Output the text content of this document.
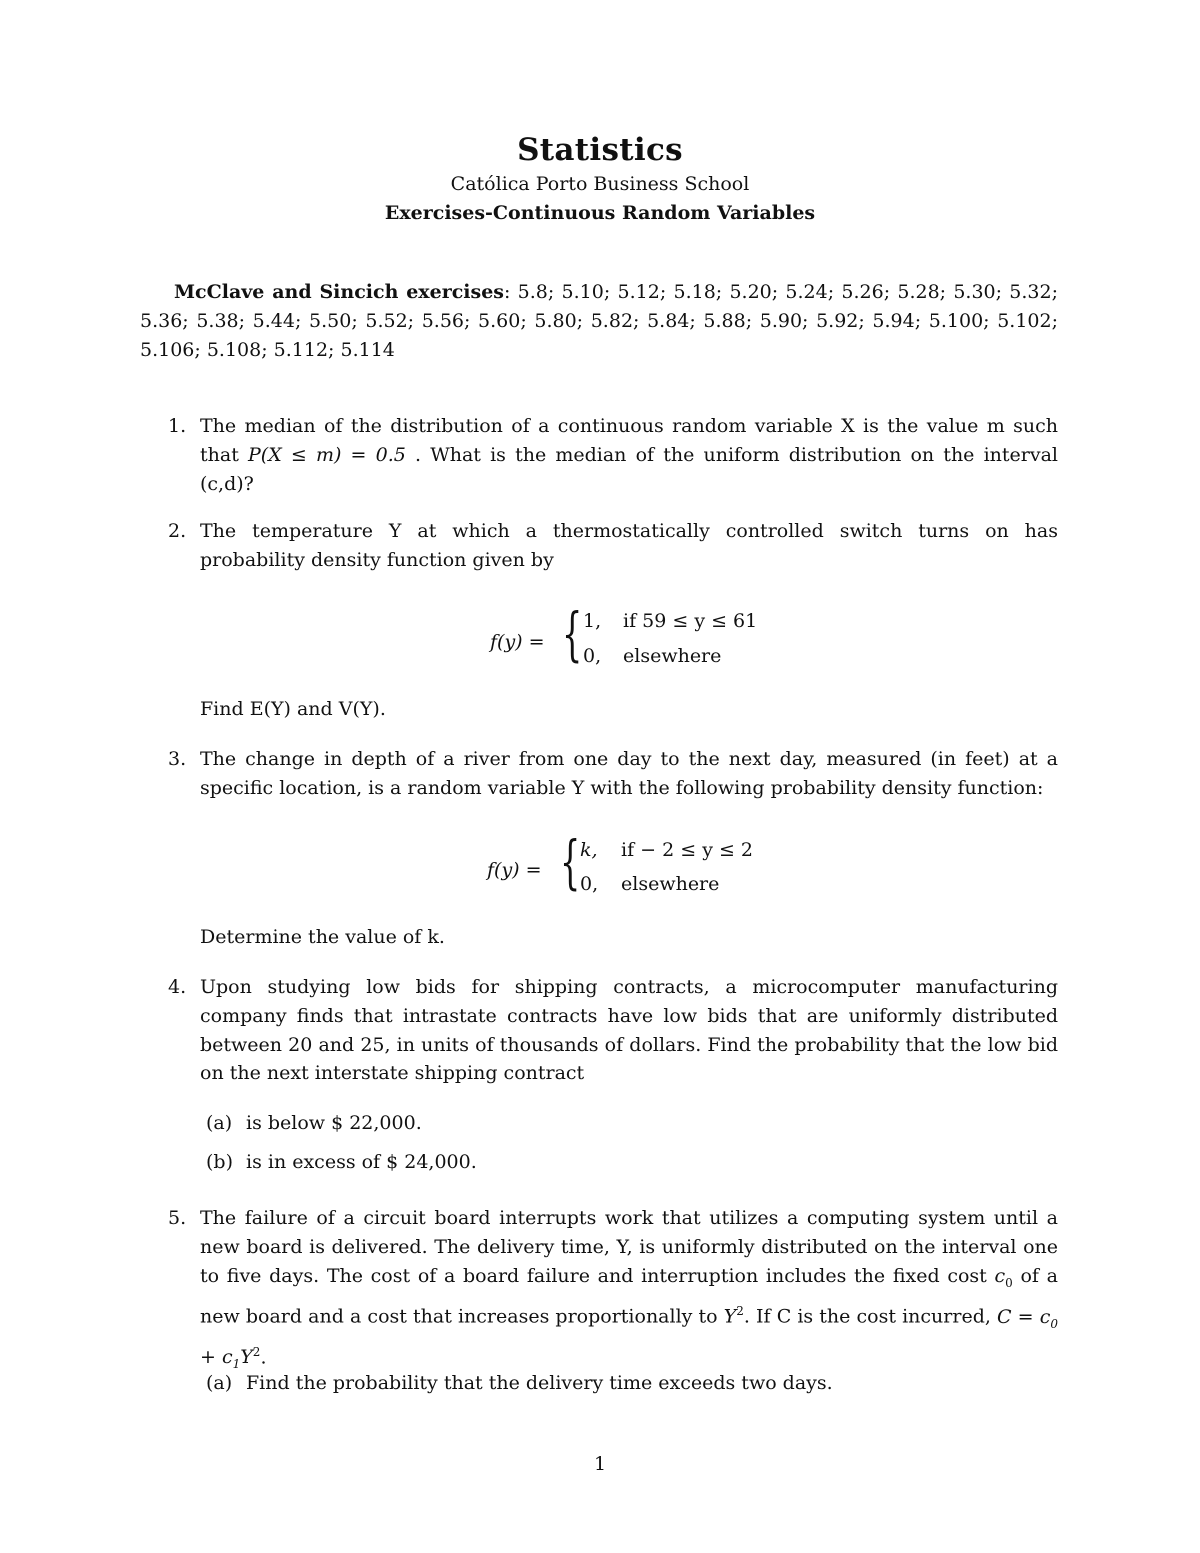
Statistics
Católica Porto Business School
Exercises-Continuous Random Variables
McClave and Sincich exercises: 5.8; 5.10; 5.12; 5.18; 5.20; 5.24; 5.26; 5.28; 5.30; 5.32; 5.36; 5.38; 5.44; 5.50; 5.52; 5.56; 5.60; 5.80; 5.82; 5.84; 5.88; 5.90; 5.92; 5.94; 5.100; 5.102; 5.106; 5.108; 5.112; 5.114
1. The median of the distribution of a continuous random variable X is the value m such that P(X ≤ m) = 0.5 . What is the median of the uniform distribution on the interval (c,d)?
2. The temperature Y at which a thermostatically controlled switch turns on has probability density function given by
f(y) = { 1, if 59 ≤ y ≤ 61
0, elsewhere
Find E(Y) and V(Y).
3. The change in depth of a river from one day to the next day, measured (in feet) at a specific location, is a random variable Y with the following probability density function:
f(y) = { k, if − 2 ≤ y ≤ 2
0, elsewhere
Determine the value of k.
4. Upon studying low bids for shipping contracts, a microcomputer manufacturing company finds that intrastate contracts have low bids that are uniformly distributed between 20 and 25, in units of thousands of dollars. Find the probability that the low bid on the next interstate shipping contract
(a) is below $ 22,000.
(b) is in excess of $ 24,000.
5. The failure of a circuit board interrupts work that utilizes a computing system until a new board is delivered. The delivery time, Y, is uniformly distributed on the interval one to five days. The cost of a board failure and interruption includes the fixed cost $c_0$ of a new board and a cost that increases proportionally to $Y^2$. If C is the cost incurred, $C = c_0 + c_1Y^2$.
(a) Find the probability that the delivery time exceeds two days.
1
